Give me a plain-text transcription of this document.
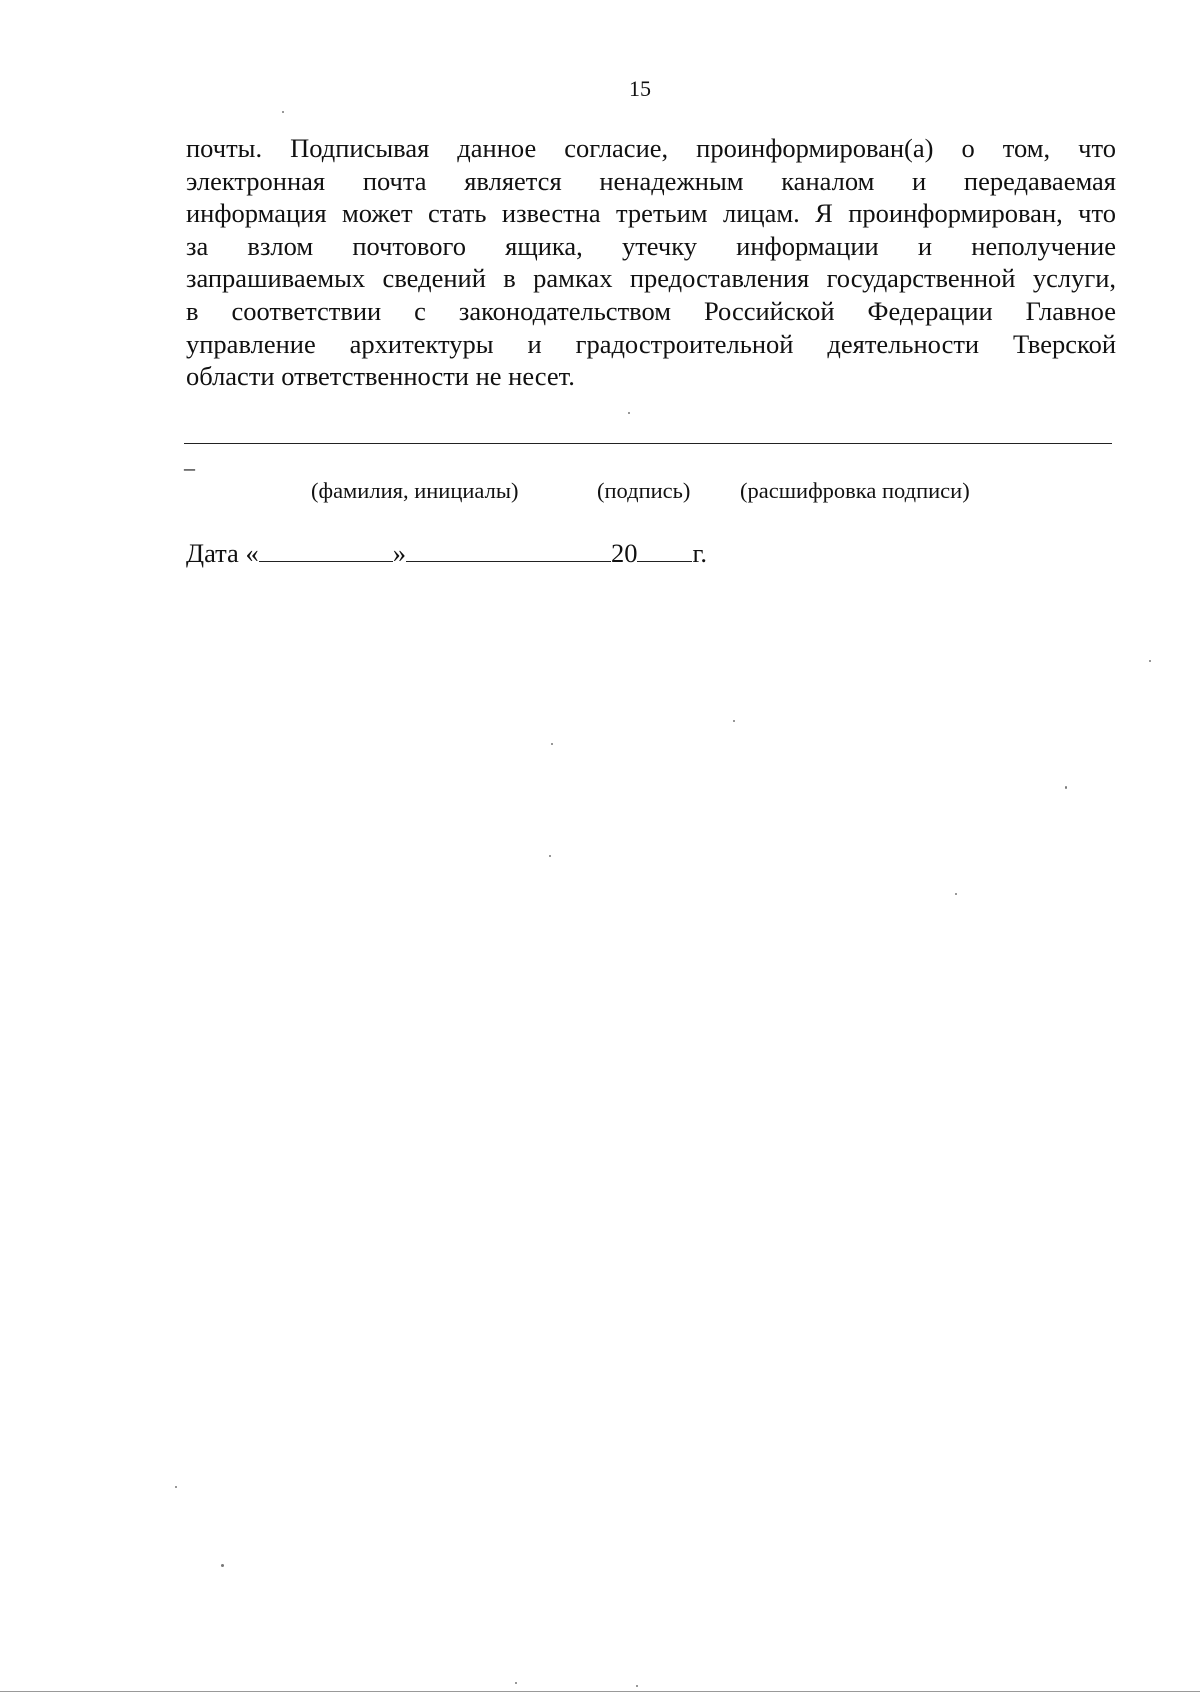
15

почты. Подписывая данное согласие, проинформирован(а) о том, что
электронная почта является ненадежным каналом и передаваемая
информация может стать известна третьим лицам. Я проинформирован, что
за взлом почтового ящика, утечку информации и неполучение
запрашиваемых сведений в рамках предоставления государственной услуги,
в соответствии с законодательством Российской Федерации Главное
управление архитектуры и градостроительной деятельности Тверской
области ответственности не несет.

–
(фамилия, инициалы)	(подпись) (расшифровка подписи)
Дата «	»	20 г.
